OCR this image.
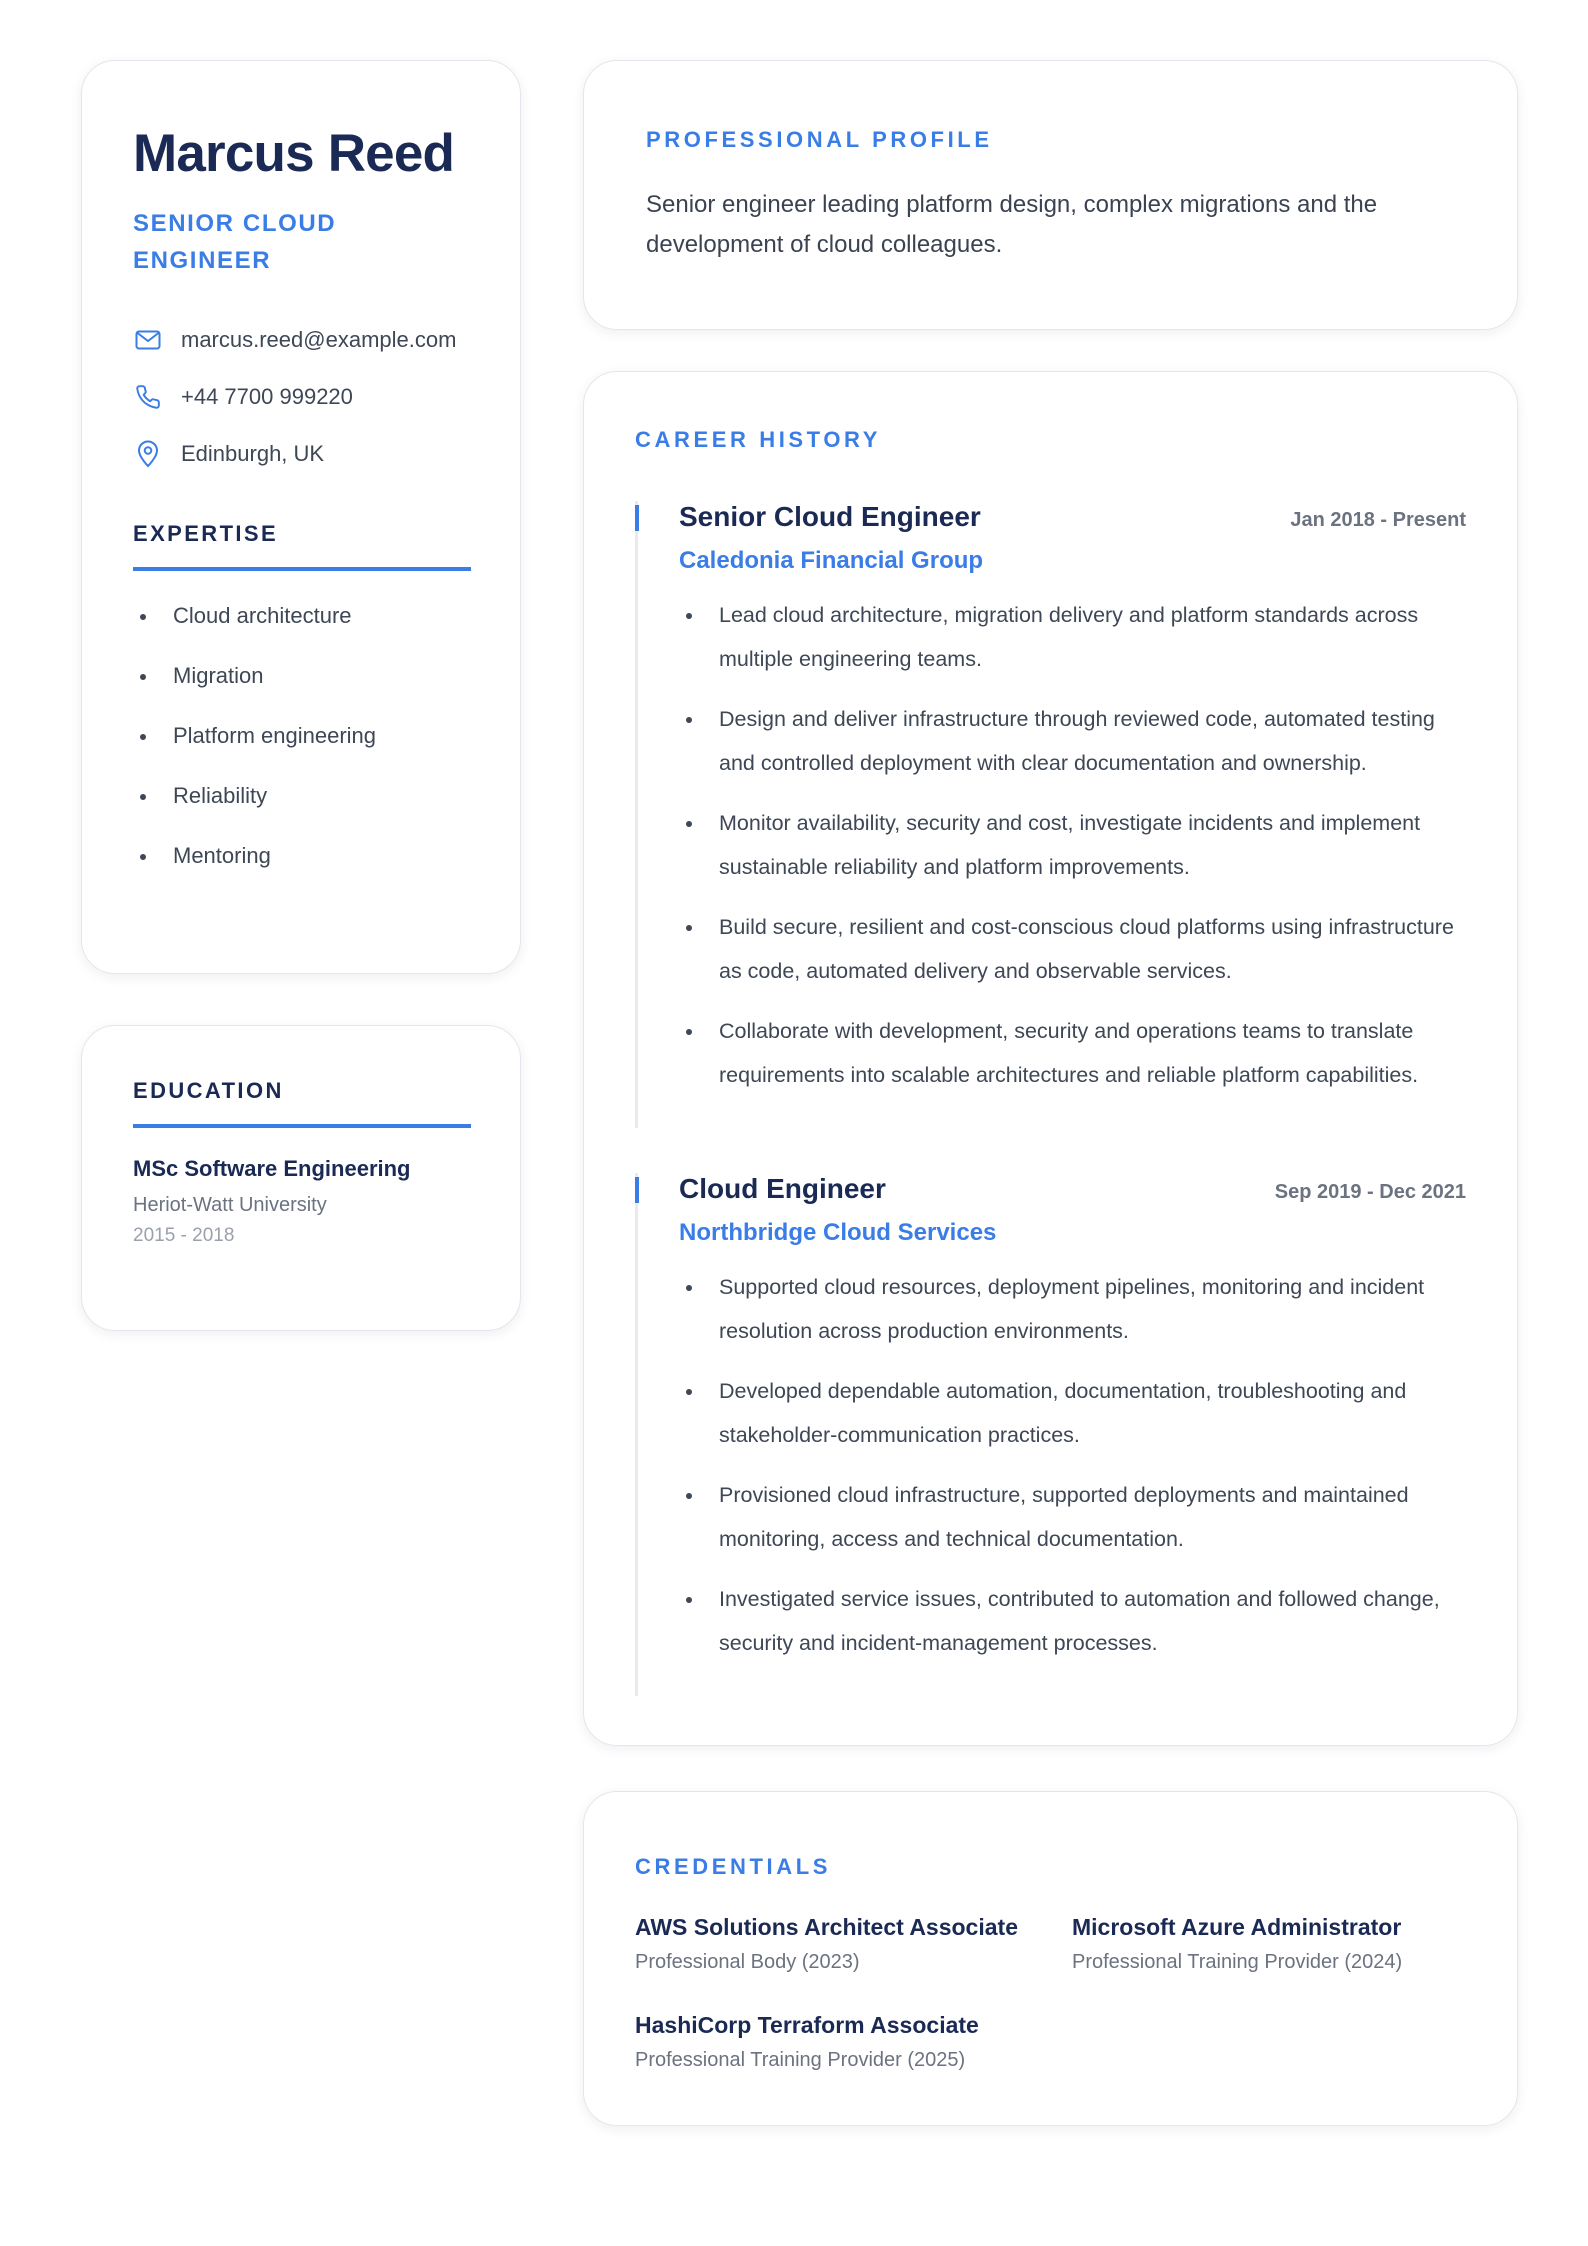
Marcus Reed
SENIOR CLOUD ENGINEER
marcus.reed@example.com
+44 7700 999220
Edinburgh, UK
EXPERTISE
Cloud architecture
Migration
Platform engineering
Reliability
Mentoring
EDUCATION
MSc Software Engineering
Heriot-Watt University
2015 - 2018
PROFESSIONAL PROFILE
Senior engineer leading platform design, complex migrations and the development of cloud colleagues.
CAREER HISTORY
Senior Cloud Engineer	Jan 2018 - Present
Caledonia Financial Group
Lead cloud architecture, migration delivery and platform standards across multiple engineering teams.
Design and deliver infrastructure through reviewed code, automated testing and controlled deployment with clear documentation and ownership.
Monitor availability, security and cost, investigate incidents and implement sustainable reliability and platform improvements.
Build secure, resilient and cost-conscious cloud platforms using infrastructure as code, automated delivery and observable services.
Collaborate with development, security and operations teams to translate requirements into scalable architectures and reliable platform capabilities.
Cloud Engineer	Sep 2019 - Dec 2021
Northbridge Cloud Services
Supported cloud resources, deployment pipelines, monitoring and incident resolution across production environments.
Developed dependable automation, documentation, troubleshooting and stakeholder-communication practices.
Provisioned cloud infrastructure, supported deployments and maintained monitoring, access and technical documentation.
Investigated service issues, contributed to automation and followed change, security and incident-management processes.
CREDENTIALS
AWS Solutions Architect Associate
Professional Body (2023)
Microsoft Azure Administrator
Professional Training Provider (2024)
HashiCorp Terraform Associate
Professional Training Provider (2025)
